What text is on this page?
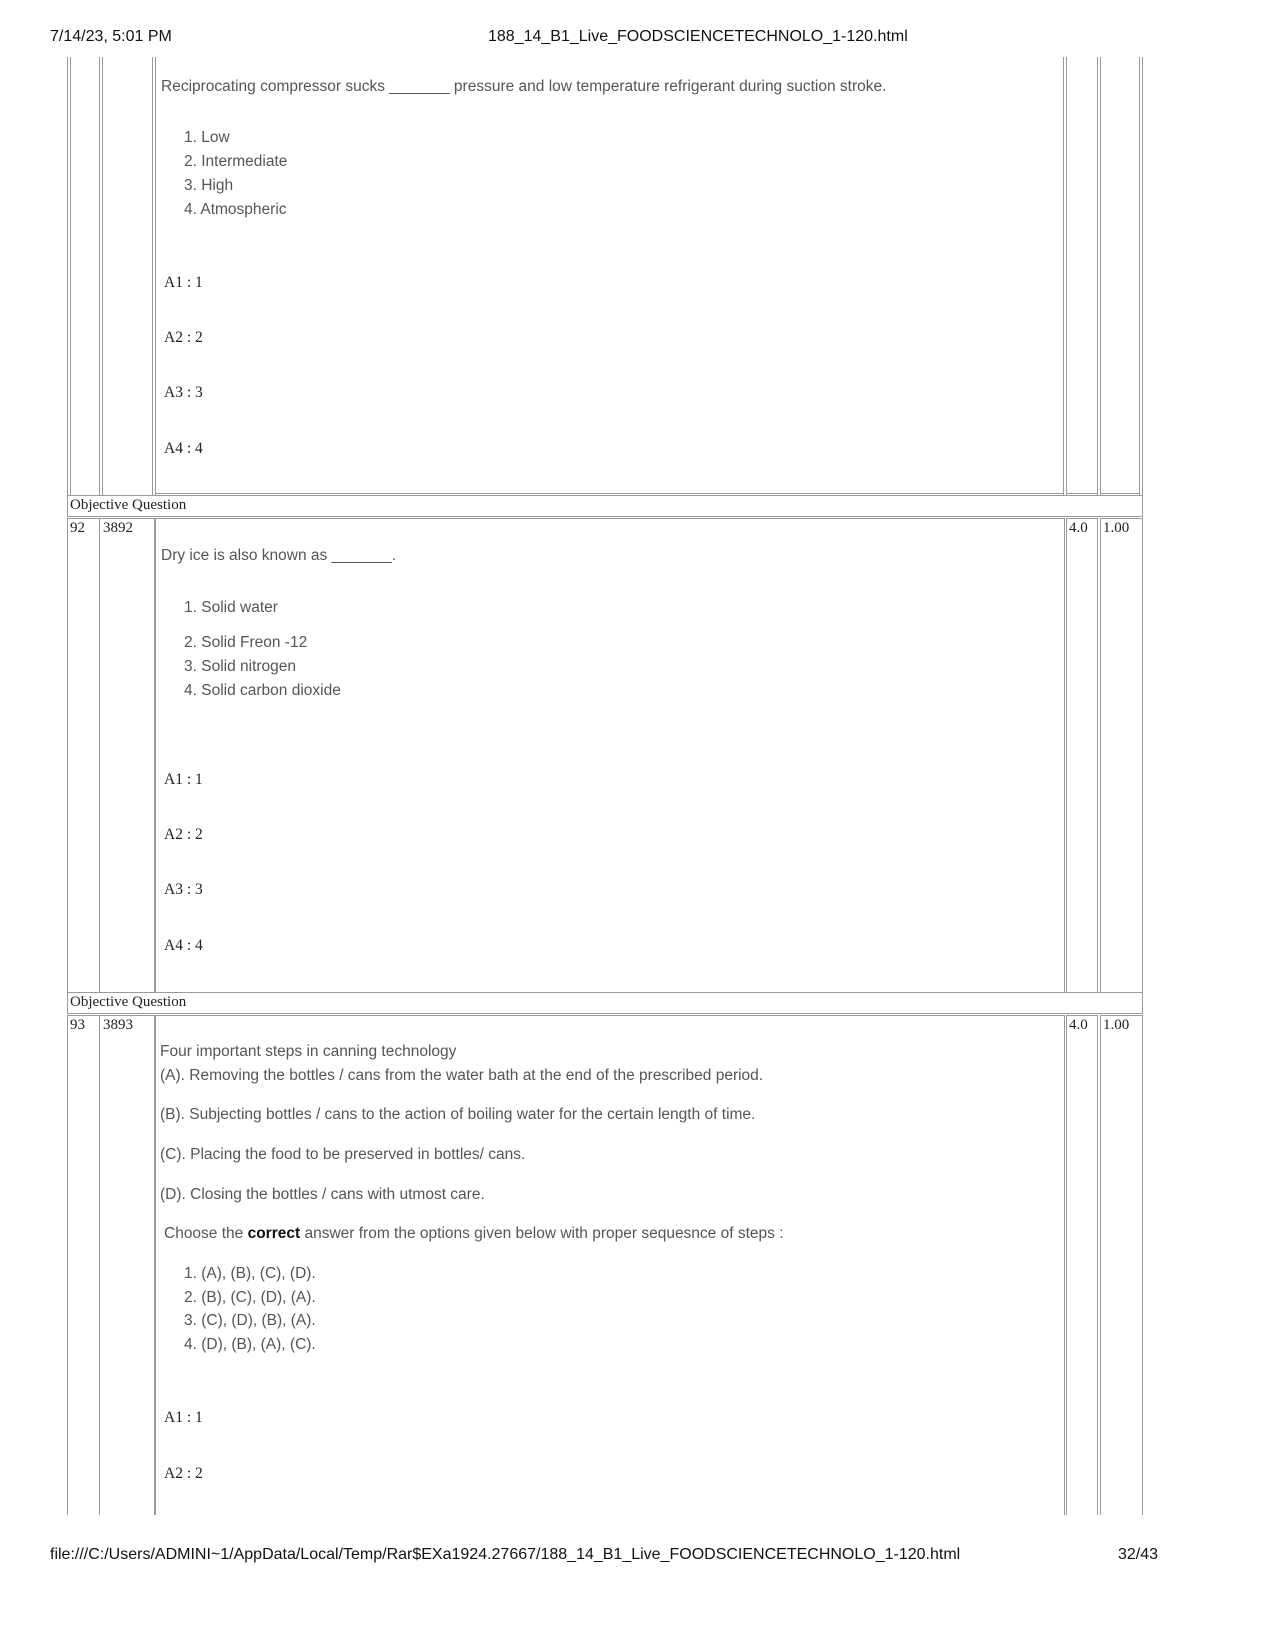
7/14/23, 5:01 PM	188_14_B1_Live_FOODSCIENCETECHNOLO_1-120.html
Reciprocating compressor sucks _______ pressure and low temperature refrigerant during suction stroke.
1. Low
2. Intermediate
3. High
4. Atmospheric
A1 : 1
A2 : 2
A3 : 3
A4 : 4
Objective Question
92 3892	4.0 1.00
Dry ice is also known as _______.
1. Solid water
2. Solid Freon -12
3. Solid nitrogen
4. Solid carbon dioxide
A1 : 1
A2 : 2
A3 : 3
A4 : 4
Objective Question
93 3893	4.0 1.00
Four important steps in canning technology
(A). Removing the bottles / cans from the water bath at the end of the prescribed period.
(B). Subjecting bottles / cans to the action of boiling water for the certain length of time.
(C). Placing the food to be preserved in bottles/ cans.
(D). Closing the bottles / cans with utmost care.
Choose the correct answer from the options given below with proper sequesnce of steps :
1. (A), (B), (C), (D).
2. (B), (C), (D), (A).
3. (C), (D), (B), (A).
4. (D), (B), (A), (C).
A1 : 1
A2 : 2
file:///C:/Users/ADMINI~1/AppData/Local/Temp/Rar$EXa1924.27667/188_14_B1_Live_FOODSCIENCETECHNOLO_1-120.html	32/43
